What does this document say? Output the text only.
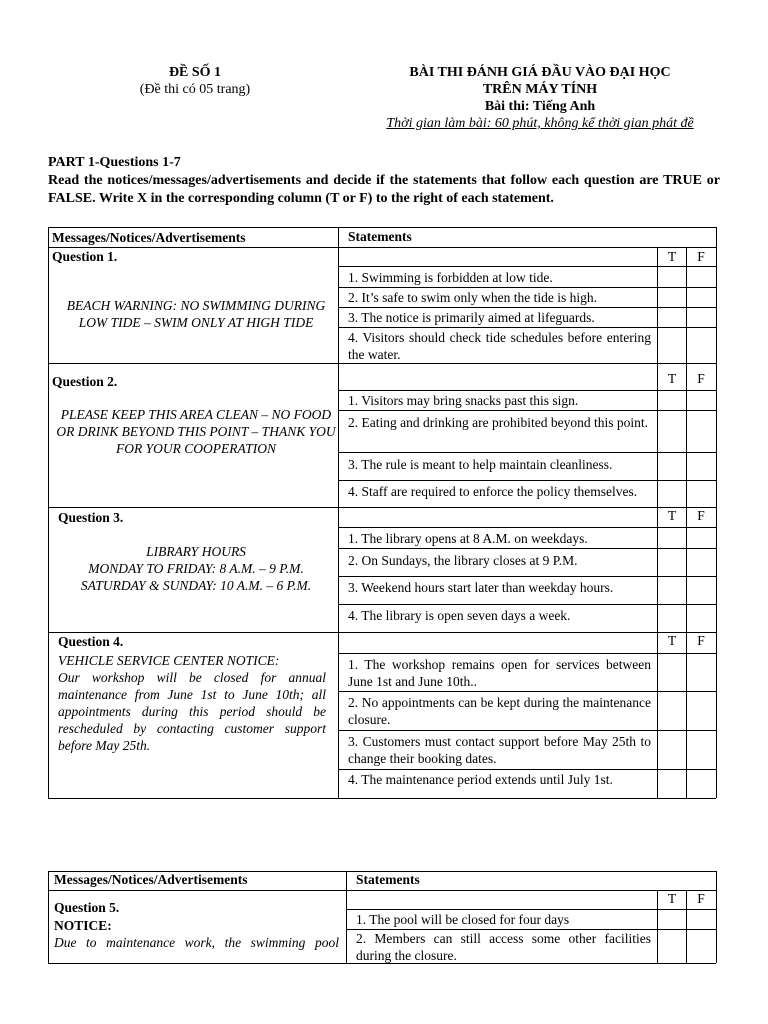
ĐỀ SỐ 1
(Đề thi có 05 trang)
BÀI THI ĐÁNH GIÁ ĐẦU VÀO ĐẠI HỌC
TRÊN MÁY TÍNH
Bài thi: Tiếng Anh
Thời gian làm bài: 60 phút, không kể thời gian phát đề

PART 1-Questions 1-7

Read the notices/messages/advertisements and decide if the statements that follow each question are TRUE or FALSE. Write X in the corresponding column (T or F) to the right of each statement.

Messages/Notices/Advertisements	Statements
Question 1.
BEACH WARNING: NO SWIMMING DURING LOW TIDE – SWIM ONLY AT HIGH TIDE
T	F
1. Swimming is forbidden at low tide.
2. It’s safe to swim only when the tide is high.
3. The notice is primarily aimed at lifeguards.
4. Visitors should check tide schedules before entering the water.
Question 2.
PLEASE KEEP THIS AREA CLEAN – NO FOOD OR DRINK BEYOND THIS POINT – THANK YOU FOR YOUR COOPERATION
T	F
1. Visitors may bring snacks past this sign.
2. Eating and drinking are prohibited beyond this point.
3. The rule is meant to help maintain cleanliness.
4. Staff are required to enforce the policy themselves.
Question 3.
LIBRARY HOURS
MONDAY TO FRIDAY: 8 A.M. – 9 P.M.
SATURDAY & SUNDAY: 10 A.M. – 6 P.M.
T	F
1. The library opens at 8 A.M. on weekdays.
2. On Sundays, the library closes at 9 P.M.
3. Weekend hours start later than weekday hours.
4. The library is open seven days a week.
Question 4.
VEHICLE SERVICE CENTER NOTICE:
Our workshop will be closed for annual maintenance from June 1st to June 10th; all appointments during this period should be rescheduled by contacting customer support before May 25th.
T	F
1. The workshop remains open for services between June 1st and June 10th..
2. No appointments can be kept during the maintenance closure.
3. Customers must contact support before May 25th to change their booking dates.
4. The maintenance period extends until July 1st.
Messages/Notices/Advertisements	Statements
Question 5.
NOTICE:
Due to maintenance work, the swimming pool
T	F
1. The pool will be closed for four days
2. Members can still access some other facilities during the closure.
